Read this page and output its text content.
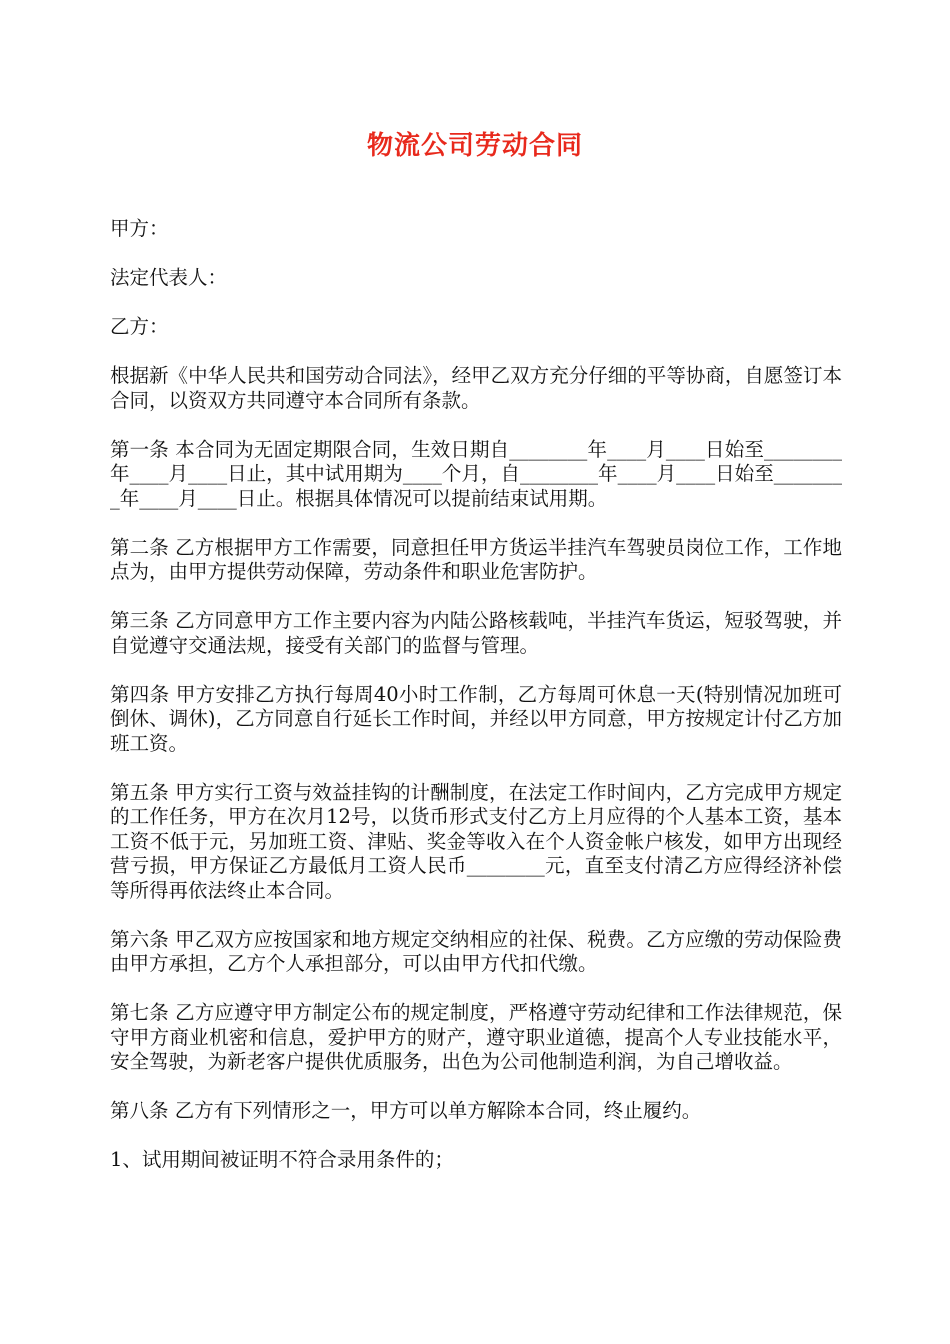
物流公司劳动合同

甲方：

法定代表人：

乙方：

根据新《中华人民共和国劳动合同法》，经甲乙双方充分仔细的平等协商，自愿签订本合同，以资双方共同遵守本合同所有条款。

第一条 本合同为无固定期限合同，生效日期自________年____月____日始至________年____月____日止，其中试用期为____个月，自________年____月____日始至________年____月____日止。根据具体情况可以提前结束试用期。

第二条 乙方根据甲方工作需要，同意担任甲方货运半挂汽车驾驶员岗位工作，工作地点为，由甲方提供劳动保障，劳动条件和职业危害防护。

第三条 乙方同意甲方工作主要内容为内陆公路核载吨，半挂汽车货运，短驳驾驶，并自觉遵守交通法规，接受有关部门的监督与管理。

第四条 甲方安排乙方执行每周40小时工作制，乙方每周可休息一天(特别情况加班可倒休、调休)，乙方同意自行延长工作时间，并经以甲方同意，甲方按规定计付乙方加班工资。

第五条 甲方实行工资与效益挂钩的计酬制度，在法定工作时间内，乙方完成甲方规定的工作任务，甲方在次月12号，以货币形式支付乙方上月应得的个人基本工资，基本工资不低于元，另加班工资、津贴、奖金等收入在个人资金帐户核发，如甲方出现经营亏损，甲方保证乙方最低月工资人民币________元，直至支付清乙方应得经济补偿等所得再依法终止本合同。

第六条 甲乙双方应按国家和地方规定交纳相应的社保、税费。乙方应缴的劳动保险费由甲方承担，乙方个人承担部分，可以由甲方代扣代缴。

第七条 乙方应遵守甲方制定公布的规定制度，严格遵守劳动纪律和工作法律规范，保守甲方商业机密和信息，爱护甲方的财产，遵守职业道德，提高个人专业技能水平，安全驾驶，为新老客户提供优质服务，出色为公司他制造利润，为自己增收益。

第八条 乙方有下列情形之一，甲方可以单方解除本合同，终止履约。

1、试用期间被证明不符合录用条件的；
